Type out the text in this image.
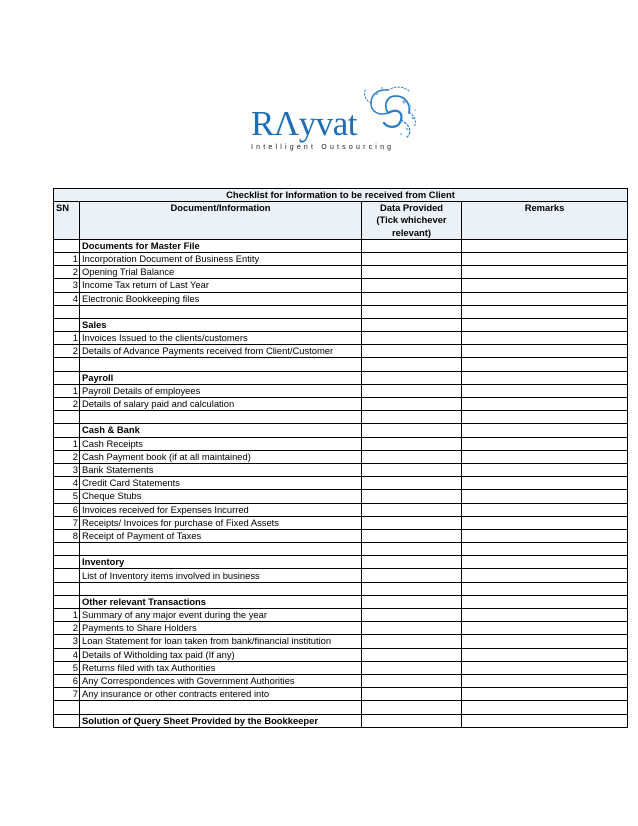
RΛyvat
Intelligent Outsourcing
Checklist for Information to be received from Client			
SN	Document/Information	Data Provided	Remarks
		(Tick whichever	
		relevant)	
	Documents for Master File		
1	Incorporation Document of Business Entity		
2	Opening Trial Balance		
3	Income Tax return of Last Year		
4	Electronic Bookkeeping files		

	Sales		
1	Invoices Issued to the clients/customers		
2	Details of Advance Payments received from Client/Customer		

	Payroll		
1	Payroll Details of employees		
2	Details of salary paid and calculation		

	Cash & Bank		
1	Cash Receipts		
2	Cash Payment book (if at all maintained)		
3	Bank Statements		
4	Credit Card Statements		
5	Cheque Stubs		
6	Invoices received for Expenses Incurred		
7	Receipts/ Invoices for purchase of Fixed Assets		
8	Receipt of Payment of Taxes		

	Inventory		
	List of Inventory items involved in business		

	Other relevant Transactions		
1	Summary of any major event during the year		
2	Payments to Share Holders		
3	Loan Statement for loan taken from bank/financial institution		
4	Details of Witholding tax paid (If any)		
5	Returns filed with tax Authorities		
6	Any Correspondences with Government Authorities		
7	Any insurance or other contracts entered into		

	Solution of Query Sheet Provided by the Bookkeeper		
